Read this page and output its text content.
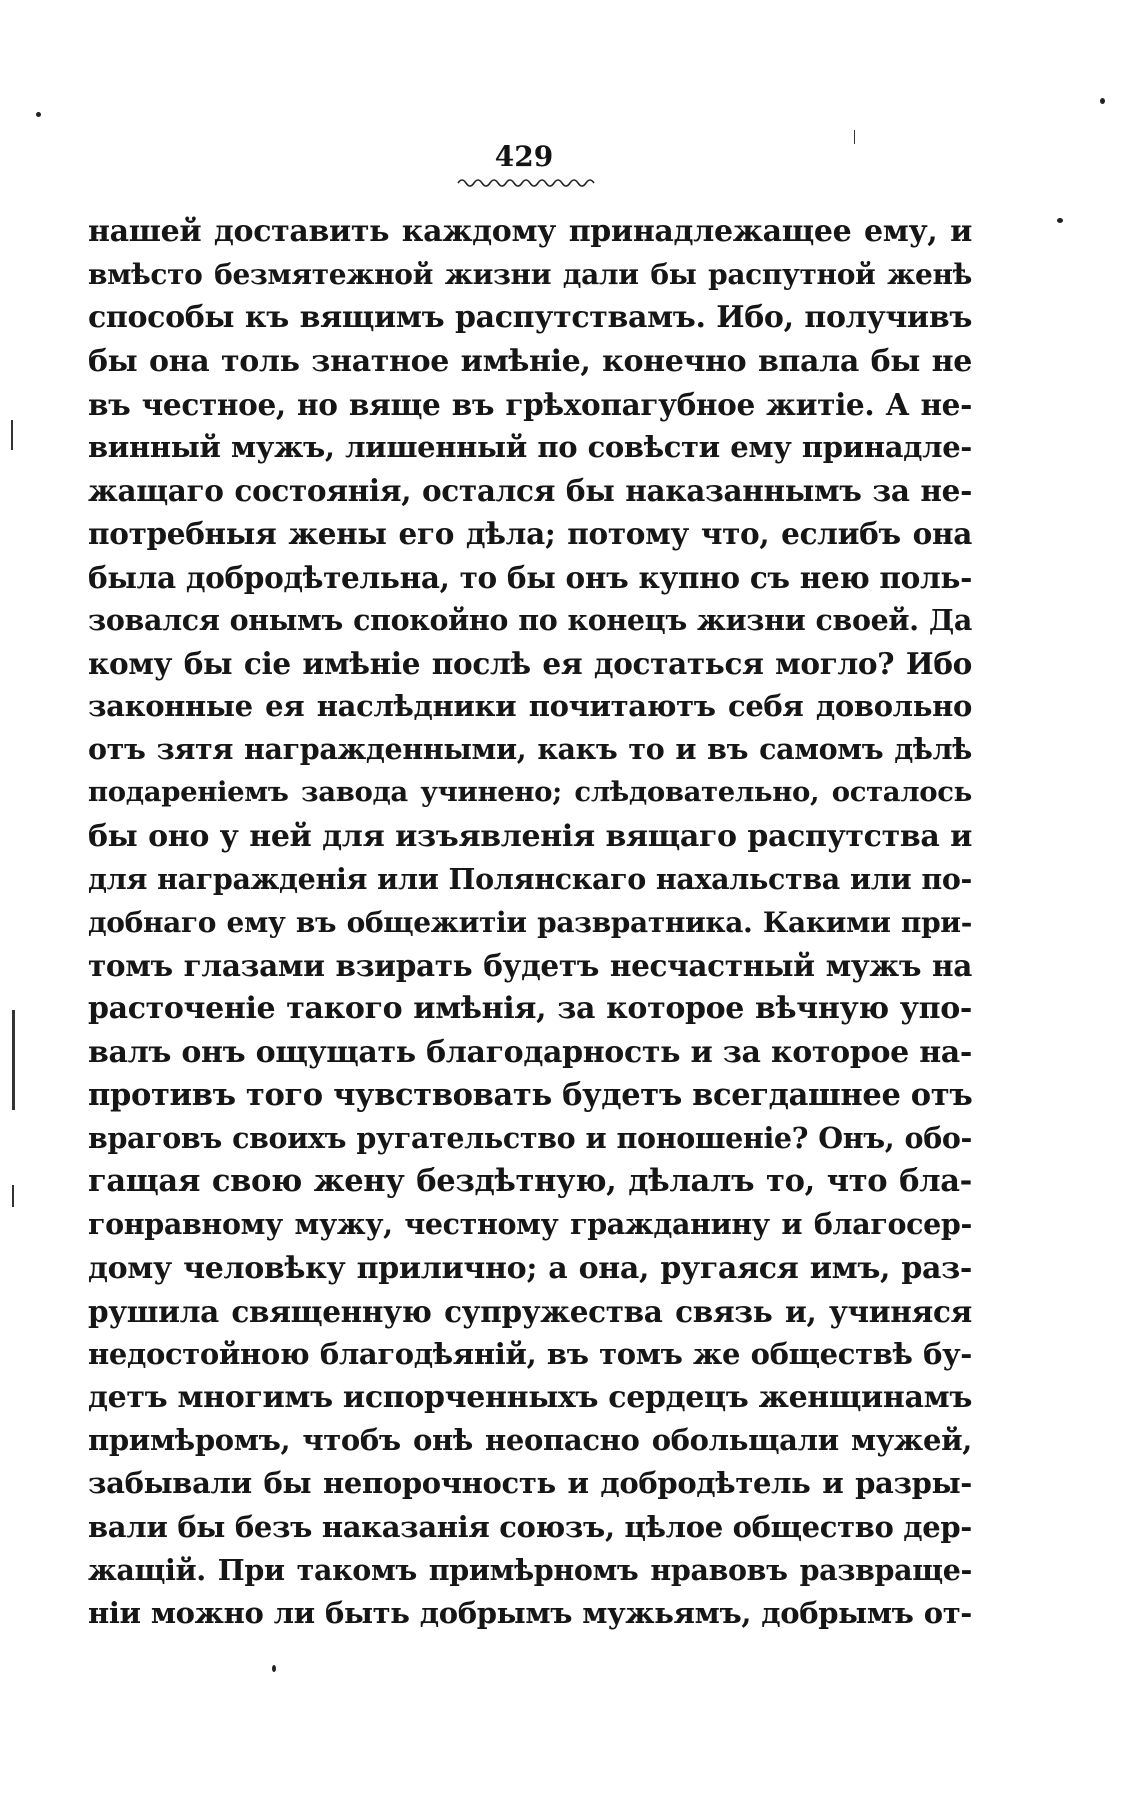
429
нашей доставить каждому принадлежащее ему, и
вмѣсто безмятежной жизни дали бы распутной женѣ
способы къ вящимъ распутствамъ. Ибо, получивъ
бы она толь знатное имѣніе, конечно впала бы не
въ честное, но вяще въ грѣхопагубное житіе. А не-
винный мужъ, лишенный по совѣсти ему принадле-
жащаго состоянія, остался бы наказаннымъ за не-
потребныя жены его дѣла; потому что, еслибъ она
была добродѣтельна, то бы онъ купно съ нею поль-
зовался онымъ спокойно по конецъ жизни своей. Да
кому бы сіе имѣніе послѣ ея достаться могло? Ибо
законные ея наслѣдники почитаютъ себя довольно
отъ зятя награжденными, какъ то и въ самомъ дѣлѣ
подареніемъ завода учинено; слѣдовательно, осталось
бы оно у ней для изъявленія вящаго распутства и
для награжденія или Полянскаго нахальства или по-
добнаго ему въ общежитіи развратника. Какими при-
томъ глазами взирать будетъ несчастный мужъ на
расточеніе такого имѣнія, за которое вѣчную упо-
валъ онъ ощущать благодарность и за которое на-
противъ того чувствовать будетъ всегдашнее отъ
враговъ своихъ ругательство и поношеніе? Онъ, обо-
гащая свою жену бездѣтную, дѣлалъ то, что бла-
гонравному мужу, честному гражданину и благосер-
дому человѣку прилично; а она, ругаяся имъ, раз-
рушила священную супружества связь и, учиняся
недостойною благодѣяній, въ томъ же обществѣ бу-
детъ многимъ испорченныхъ сердецъ женщинамъ
примѣромъ, чтобъ онѣ неопасно обольщали мужей,
забывали бы непорочность и добродѣтель и разры-
вали бы безъ наказанія союзъ, цѣлое общество дер-
жащій. При такомъ примѣрномъ нравовъ развраще-
ніи можно ли быть добрымъ мужьямъ, добрымъ от-
